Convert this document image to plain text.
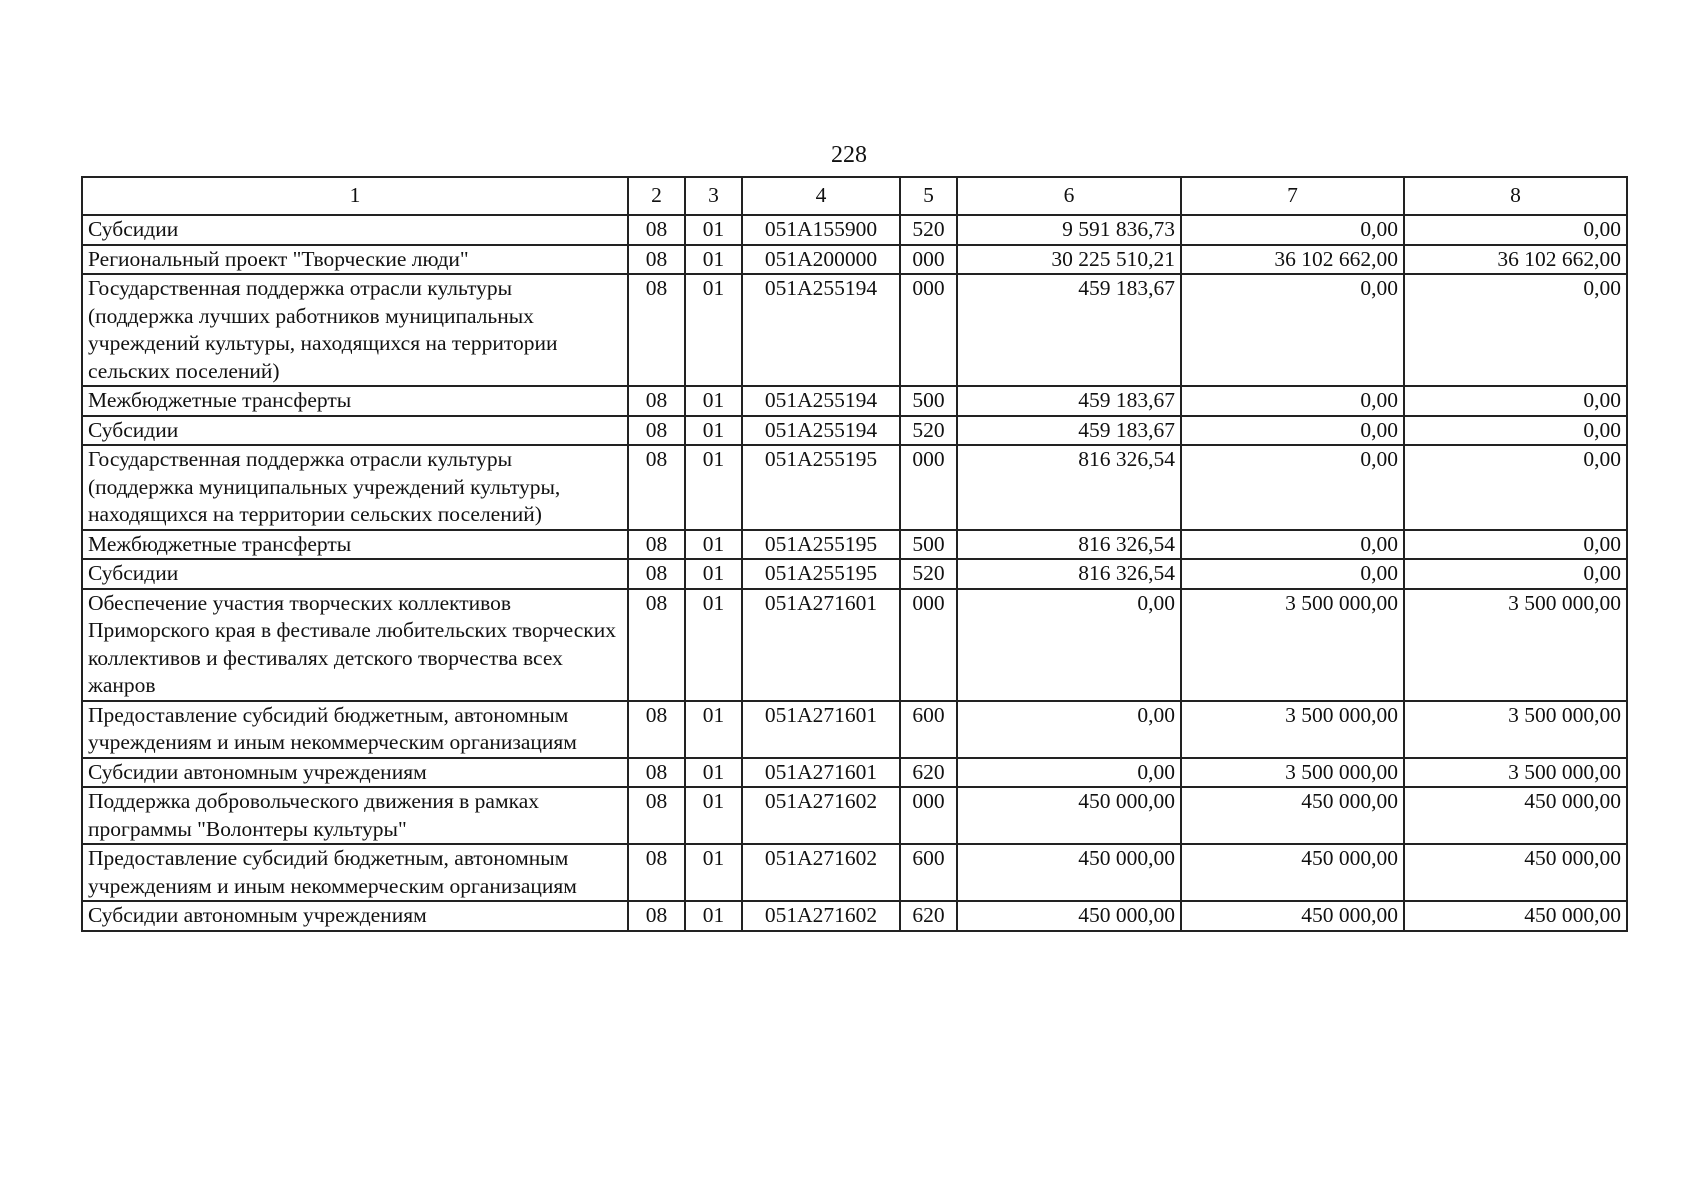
228
1	2	3	4	5	6	7	8
Субсидии	08	01	051A155900	520	9 591 836,73	0,00	0,00
Региональный проект "Творческие люди"	08	01	051A200000	000	30 225 510,21	36 102 662,00	36 102 662,00
Государственная поддержка отрасли культуры (поддержка лучших работников муниципальных учреждений культуры, находящихся на территории сельских поселений)	08	01	051A255194	000	459 183,67	0,00	0,00
Межбюджетные трансферты	08	01	051A255194	500	459 183,67	0,00	0,00
Субсидии	08	01	051A255194	520	459 183,67	0,00	0,00
Государственная поддержка отрасли культуры (поддержка муниципальных учреждений культуры, находящихся на территории сельских поселений)	08	01	051A255195	000	816 326,54	0,00	0,00
Межбюджетные трансферты	08	01	051A255195	500	816 326,54	0,00	0,00
Субсидии	08	01	051A255195	520	816 326,54	0,00	0,00
Обеспечение участия творческих коллективов Приморского края в фестивале любительских творческих коллективов и фестивалях детского творчества всех жанров	08	01	051A271601	000	0,00	3 500 000,00	3 500 000,00
Предоставление субсидий бюджетным, автономным учреждениям и иным некоммерческим организациям	08	01	051A271601	600	0,00	3 500 000,00	3 500 000,00
Субсидии автономным учреждениям	08	01	051A271601	620	0,00	3 500 000,00	3 500 000,00
Поддержка добровольческого движения в рамках программы "Волонтеры культуры"	08	01	051A271602	000	450 000,00	450 000,00	450 000,00
Предоставление субсидий бюджетным, автономным учреждениям и иным некоммерческим организациям	08	01	051A271602	600	450 000,00	450 000,00	450 000,00
Субсидии автономным учреждениям	08	01	051A271602	620	450 000,00	450 000,00	450 000,00
